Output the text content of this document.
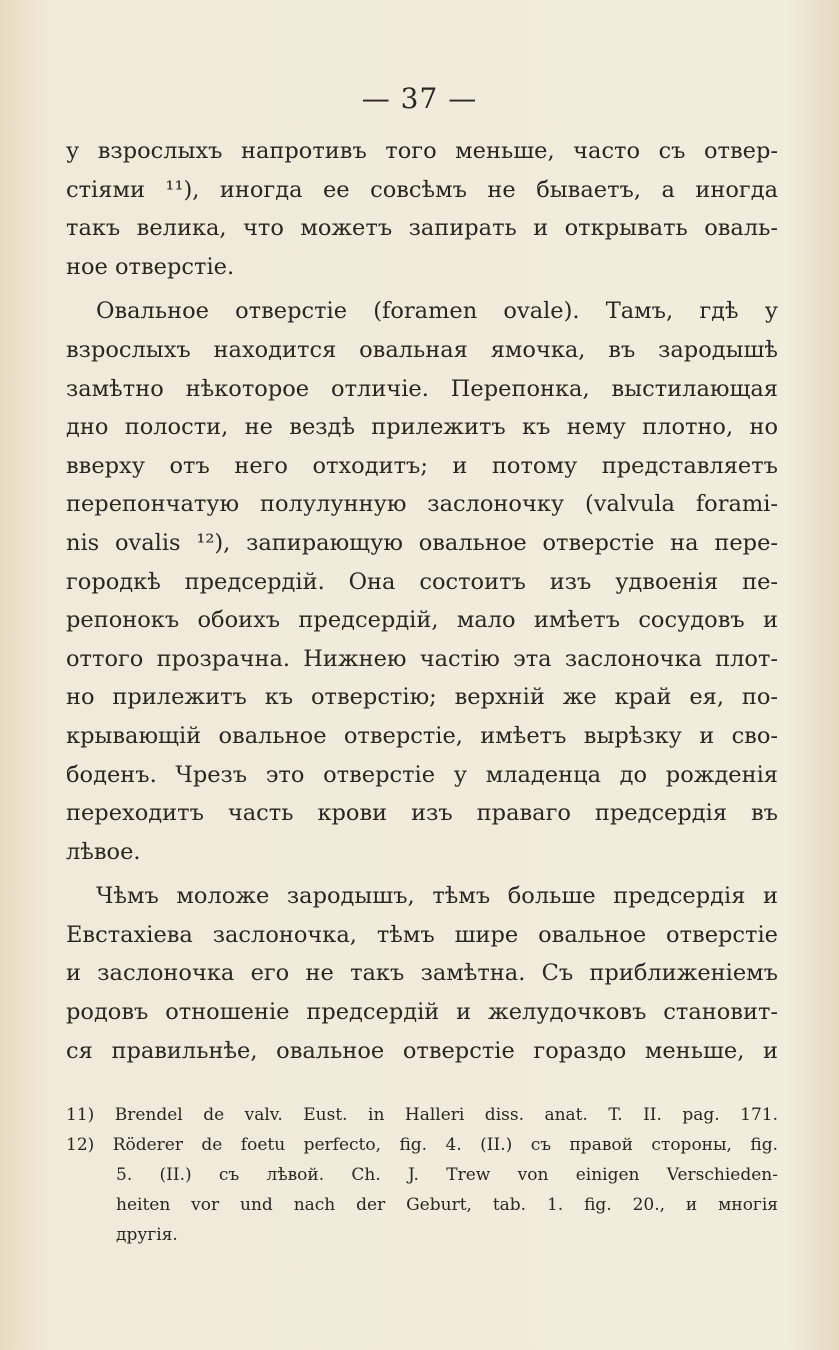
— 37 —
у взрослыхъ напротивъ того меньше, часто съ отвер-
стіями ¹¹), иногда ее совсѣмъ не бываетъ, а иногда
такъ велика, что можетъ запирать и открывать оваль-
ное отверстіе.
Овальное отверстіе (foramen ovale). Тамъ, гдѣ у
взрослыхъ находится овальная ямочка, въ зародышѣ
замѣтно нѣкоторое отличіе. Перепонка, выстилающая
дно полости, не вездѣ прилежитъ къ нему плотно, но
вверху отъ него отходитъ; и потому представляетъ
перепончатую полулунную заслоночку (valvula forami-
nis ovalis ¹²), запирающую овальное отверстіе на пере-
городкѣ предсердій. Она состоитъ изъ удвоенія пе-
репонокъ обоихъ предсердій, мало имѣетъ сосудовъ и
оттого прозрачна. Нижнею частію эта заслоночка плот-
но прилежитъ къ отверстію; верхній же край ея, по-
крывающій овальное отверстіе, имѣетъ вырѣзку и сво-
боденъ. Чрезъ это отверстіе у младенца до рожденія
переходитъ часть крови изъ праваго предсердія въ
лѣвое.
Чѣмъ моложе зародышъ, тѣмъ больше предсердія и
Евстахіева заслоночка, тѣмъ шире овальное отверстіе
и заслоночка его не такъ замѣтна. Съ приближеніемъ
родовъ отношеніе предсердій и желудочковъ становит-
ся правильнѣе, овальное отверстіе гораздо меньше, и
11) Brendel de valv. Eust. in Halleri diss. anat. T. II. pag. 171.
12) Röderer de foetu perfecto, fig. 4. (II.) съ правой стороны, fig.
5. (II.) съ лѣвой. Ch. J. Trew von einigen Verschieden-
heiten vor und nach der Geburt, tab. 1. fig. 20., и многія
другія.
